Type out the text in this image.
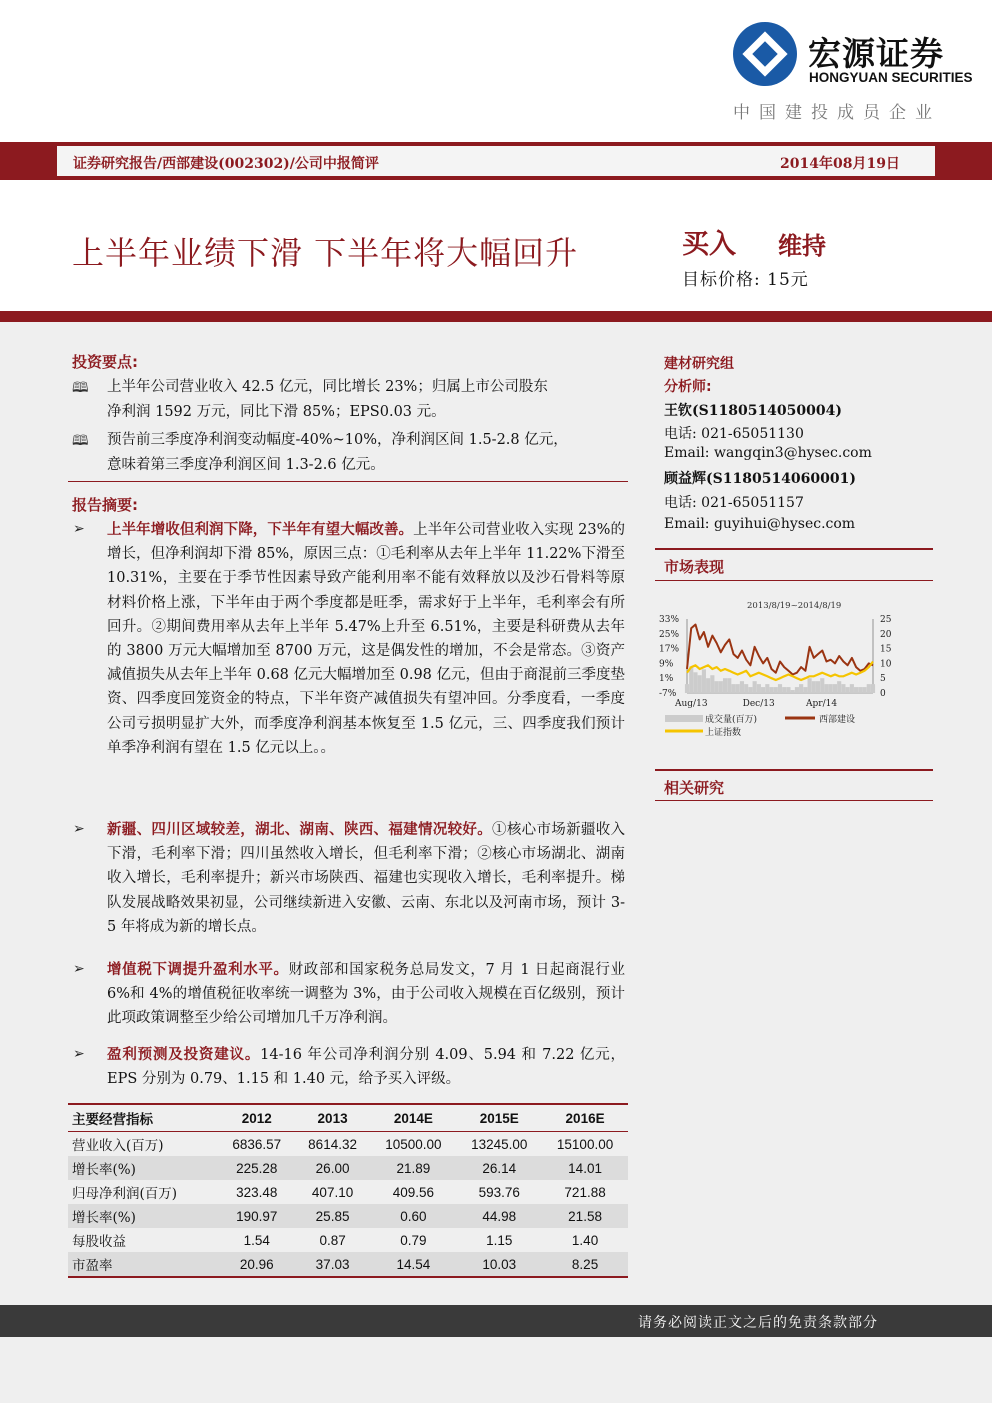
宏源证券
HONGYUAN SECURITIES
中国建投成员企业
证券研究报告/西部建设(002302)/公司中报简评	2014年08月19日
上半年业绩下滑 下半年将大幅回升	买入 维持
目标价格: 15元
投资要点:
🕮 上半年公司营业收入 42.5 亿元，同比增长 23%；归属上市公司股东
净利润 1592 万元，同比下滑 85%；EPS0.03 元。
🕮 预告前三季度净利润变动幅度-40%~10%，净利润区间 1.5-2.8 亿元，
意味着第三季度净利润区间 1.3-2.6 亿元。
报告摘要:
➢ 上半年增收但利润下降，下半年有望大幅改善。上半年公司营业收入实现 23%的增长，但净利润却下滑 85%，原因三点：①毛利率从去年上半年 11.22%下滑至 10.31%，主要在于季节性因素导致产能利用率不能有效释放以及沙石骨料等原材料价格上涨，下半年由于两个季度都是旺季，需求好于上半年，毛利率会有所回升。②期间费用率从去年上半年 5.47%上升至 6.51%，主要是科研费从去年的 3800 万元大幅增加至 8700 万元，这是偶发性的增加，不会是常态。③资产减值损失从去年上半年 0.68 亿元大幅增加至 0.98 亿元，但由于商混前三季度垫资、四季度回笼资金的特点，下半年资产减值损失有望冲回。分季度看，一季度公司亏损明显扩大外，而季度净利润基本恢复至 1.5 亿元，三、四季度我们预计单季净利润有望在 1.5 亿元以上。。
➢ 新疆、四川区域较差，湖北、湖南、陕西、福建情况较好。①核心市场新疆收入下滑，毛利率下滑；四川虽然收入增长，但毛利率下滑；②核心市场湖北、湖南收入增长，毛利率提升；新兴市场陕西、福建也实现收入增长，毛利率提升。梯队发展战略效果初显，公司继续新进入安徽、云南、东北以及河南市场，预计 3-5 年将成为新的增长点。
➢ 增值税下调提升盈利水平。财政部和国家税务总局发文，7 月 1 日起商混行业 6%和 4%的增值税征收率统一调整为 3%，由于公司收入规模在百亿级别，预计此项政策调整至少给公司增加几千万净利润。
➢ 盈利预测及投资建议。14-16 年公司净利润分别 4.09、5.94 和 7.22 亿元，EPS 分别为 0.79、1.15 和 1.40 元，给予买入评级。
主要经营指标	2012	2013	2014E	2015E	2016E
营业收入(百万)	6836.57	8614.32	10500.00	13245.00	15100.00
增长率(%)	225.28	26.00	21.89	26.14	14.01
归母净利润(百万)	323.48	407.10	409.56	593.76	721.88
增长率(%)	190.97	25.85	0.60	44.98	21.58
每股收益	1.54	0.87	0.79	1.15	1.40
市盈率	20.96	37.03	14.54	10.03	8.25
建材研究组
分析师:
王钦(S1180514050004)
电话: 021-65051130
Email: wangqin3@hysec.com
顾益辉(S1180514060001)
电话: 021-65051157
Email: guyihui@hysec.com
市场表现
2013/8/19~2014/8/19
33%
25%
17%
9%
1%
-7%
25
20
15
10
5
0
Aug/13	Dec/13	Apr/14
成交量(百万)	西部建设
上证指数
相关研究
请务必阅读正文之后的免责条款部分
